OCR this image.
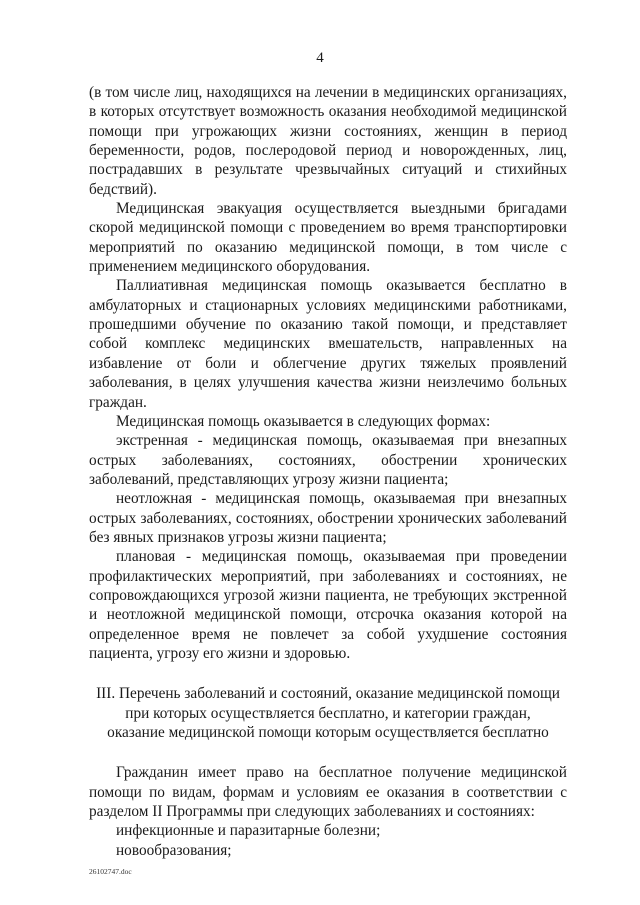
4

(в том числе лиц, находящихся на лечении в медицинских организациях, в которых отсутствует возможность оказания необходимой медицинской помощи при угрожающих жизни состояниях, женщин в период беременности, родов, послеродовой период и новорожденных, лиц, пострадавших в результате чрезвычайных ситуаций и стихийных бедствий).

Медицинская эвакуация осуществляется выездными бригадами скорой медицинской помощи с проведением во время транспортировки мероприятий по оказанию медицинской помощи, в том числе с применением медицинского оборудования.

Паллиативная медицинская помощь оказывается бесплатно в амбулаторных и стационарных условиях медицинскими работниками, прошедшими обучение по оказанию такой помощи, и представляет собой комплекс медицинских вмешательств, направленных на избавление от боли и облегчение других тяжелых проявлений заболевания, в целях улучшения качества жизни неизлечимо больных граждан.

Медицинская помощь оказывается в следующих формах:

экстренная - медицинская помощь, оказываемая при внезапных острых заболеваниях, состояниях, обострении хронических заболеваний, представляющих угрозу жизни пациента;

неотложная - медицинская помощь, оказываемая при внезапных острых заболеваниях, состояниях, обострении хронических заболеваний без явных признаков угрозы жизни пациента;

плановая - медицинская помощь, оказываемая при проведении профилактических мероприятий, при заболеваниях и состояниях, не сопровождающихся угрозой жизни пациента, не требующих экстренной и неотложной медицинской помощи, отсрочка оказания которой на определенное время не повлечет за собой ухудшение состояния пациента, угрозу его жизни и здоровью.

III. Перечень заболеваний и состояний, оказание медицинской помощи
при которых осуществляется бесплатно, и категории граждан,
оказание медицинской помощи которым осуществляется бесплатно

Гражданин имеет право на бесплатное получение медицинской помощи по видам, формам и условиям ее оказания в соответствии с разделом II Программы при следующих заболеваниях и состояниях:

инфекционные и паразитарные болезни;

новообразования;

26102747.doc
